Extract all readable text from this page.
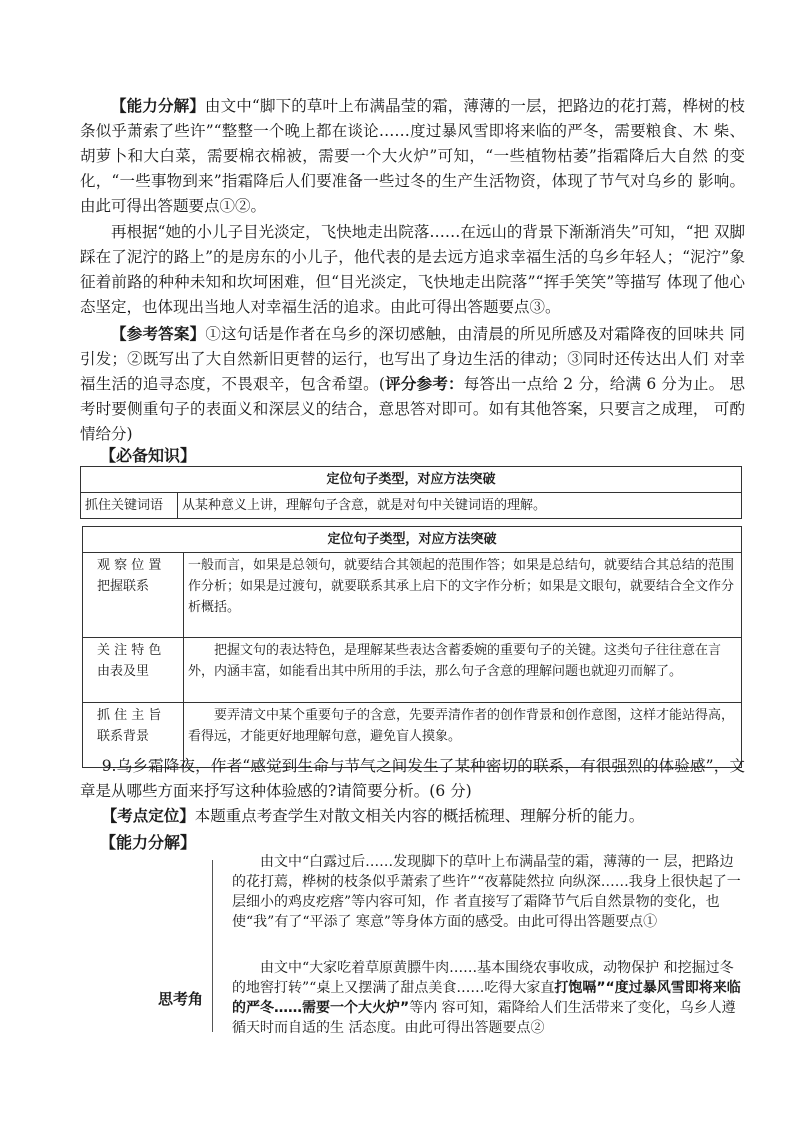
【能力分解】由文中“脚下的草叶上布满晶莹的霜，薄薄的一层，把路边的花打蔫，桦树的枝 条似乎萧索了些许”“整整一个晚上都在谈论……度过暴风雪即将来临的严冬，需要粮食、木 柴、胡萝卜和大白菜，需要棉衣棉被，需要一个大火炉”可知，“一些植物枯萎”指霜降后大自然 的变化，“一些事物到来”指霜降后人们要准备一些过冬的生产生活物资，体现了节气对乌乡的 影响。由此可得出答题要点①②。
再根据“她的小儿子目光淡定，飞快地走出院落……在远山的背景下渐渐消失”可知，“把 双脚踩在了泥泞的路上”的是房东的小儿子，他代表的是去远方追求幸福生活的乌乡年轻人；“泥泞”象征着前路的种种未知和坎坷困难，但“目光淡定，飞快地走出院落”“挥手笑笑”等描写 体现了他心态坚定，也体现出当地人对幸福生活的追求。由此可得出答题要点③。
【参考答案】①这句话是作者在乌乡的深切感触，由清晨的所见所感及对霜降夜的回味共 同引发；②既写出了大自然新旧更替的运行，也写出了身边生活的律动；③同时还传达出人们 对幸福生活的追寻态度，不畏艰辛，包含希望。(评分参考：每答出一点给 2 分，给满 6 分为止。 思考时要侧重句子的表面义和深层义的结合，意思答对即可。如有其他答案，只要言之成理， 可酌情给分)
【必备知识】
定位句子类型，对应方法突破
抓住关键词语	从某种意义上讲，理解句子含意，就是对句中关键词语的理解。
定位句子类型，对应方法突破	
观 察 位 置 把握联系	一般而言，如果是总领句，就要结合其领起的范围作答；如果是总结句，就要结合其总结的范围作分析；如果是过渡句，就要联系其承上启下的文字作分析；如果是文眼句，就要结合全文作分析概括。
关 注 特 色 由表及里	把握文句的表达特色，是理解某些表达含蓄委婉的重要句子的关键。这类句子往往意在言外，内涵丰富，如能看出其中所用的手法，那么句子含意的理解问题也就迎刃而解了。
抓 住 主 旨 联系背景	要弄清文中某个重要句子的含意，先要弄清作者的创作背景和创作意图，这样才能站得高，看得远，才能更好地理解句意，避免盲人摸象。
9.乌乡霜降夜，作者“感觉到生命与节气之间发生了某种密切的联系，有很强烈的体验感”，文章是从哪些方面来抒写这种体验感的?请简要分析。(6 分)
【考点定位】本题重点考查学生对散文相关内容的概括梳理、理解分析的能力。
【能力分解】
思考角
由文中“白露过后……发现脚下的草叶上布满晶莹的霜，薄薄的一 层，把路边的花打蔫，桦树的枝条似乎萧索了些许”“夜幕陡然拉 向纵深……我身上很快起了一层细小的鸡皮疙瘩”等内容可知，作 者直接写了霜降节气后自然景物的变化，也使“我”有了“平添了 寒意”等身体方面的感受。由此可得出答题要点①
由文中“大家吃着草原黄膘牛肉……基本围绕农事收成，动物保护 和挖掘过冬的地窖打转”“桌上又摆满了甜点美食……吃得大家直打饱嗝”“度过暴风雪即将来临的严冬……需要一个大火炉”等内 容可知，霜降给人们生活带来了变化，乌乡人遵循天时而自适的生 活态度。由此可得出答题要点②
